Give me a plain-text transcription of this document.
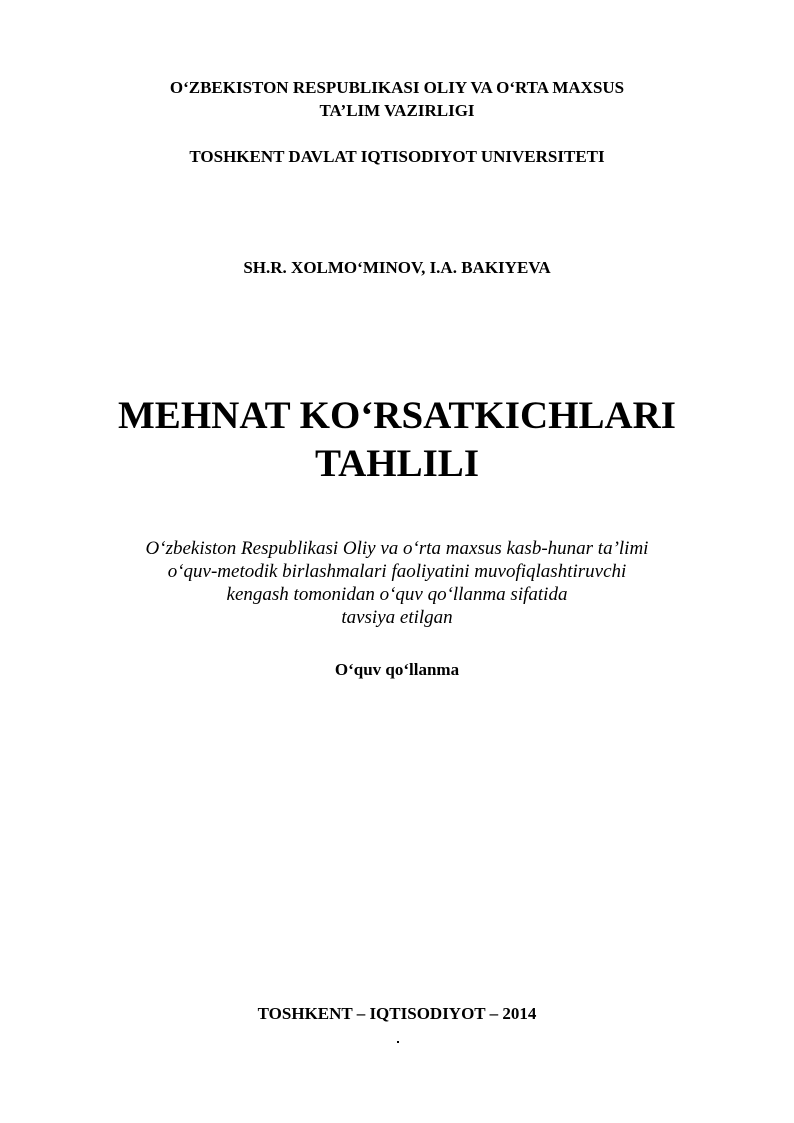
O‘ZBEKISTON RESPUBLIKASI OLIY VA O‘RTA MAXSUS
TA’LIM VAZIRLIGI
TOSHKENT DAVLAT IQTISODIYOT UNIVERSITETI
SH.R. XOLMO‘MINOV, I.A. BAKIYEVA
MEHNAT KO‘RSATKICHLARI
TAHLILI
O‘zbekiston Respublikasi Oliy va o‘rta maxsus kasb-hunar ta’limi
o‘quv-metodik birlashmalari faoliyatini muvofiqlashtiruvchi
kengash tomonidan o‘quv qo‘llanma sifatida
tavsiya etilgan
O‘quv qo‘llanma
TOSHKENT – IQTISODIYOT – 2014
